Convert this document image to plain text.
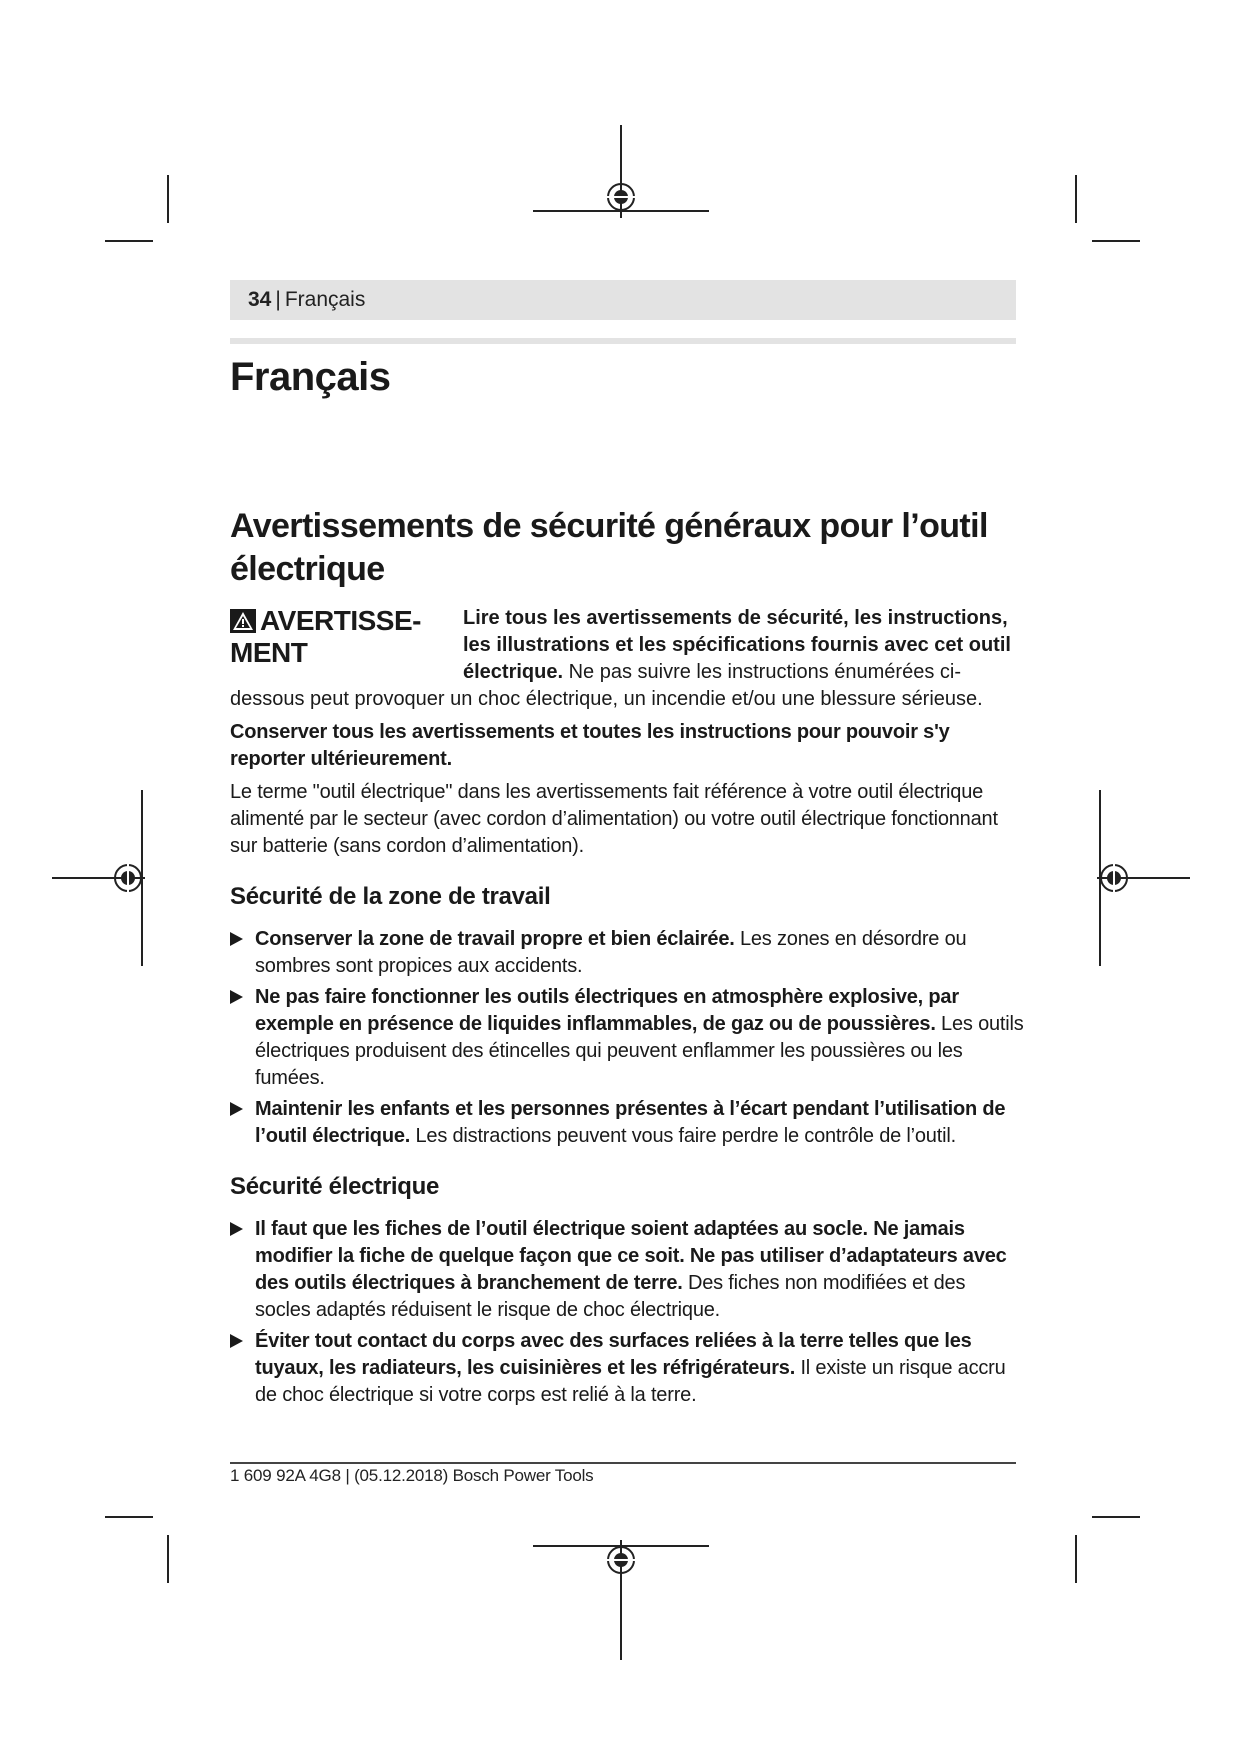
34 | Français
Français
Avertissements de sécurité généraux pour l’outil électrique
AVERTISSE-MENT

Lire tous les avertissements de sécurité, les instructions, les illustrations et les spécifications fournis avec cet outil électrique. Ne pas suivre les instructions énumérées ci-dessous peut provoquer un choc électrique, un incendie et/ou une blessure sérieuse.

Conserver tous les avertissements et toutes les instructions pour pouvoir s'y reporter ultérieurement.

Le terme "outil électrique" dans les avertissements fait référence à votre outil électrique alimenté par le secteur (avec cordon d’alimentation) ou votre outil électrique fonctionnant sur batterie (sans cordon d’alimentation).

Sécurité de la zone de travail
Conserver la zone de travail propre et bien éclairée. Les zones en désordre ou sombres sont propices aux accidents.
Ne pas faire fonctionner les outils électriques en atmosphère explosive, par exemple en présence de liquides inflammables, de gaz ou de poussières. Les outils électriques produisent des étincelles qui peuvent enflammer les poussières ou les fumées.
Maintenir les enfants et les personnes présentes à l’écart pendant l’utilisation de l’outil électrique. Les distractions peuvent vous faire perdre le contrôle de l’outil.
Sécurité électrique
Il faut que les fiches de l’outil électrique soient adaptées au socle. Ne jamais modifier la fiche de quelque façon que ce soit. Ne pas utiliser d’adaptateurs avec des outils électriques à branchement de terre. Des fiches non modifiées et des socles adaptés réduisent le risque de choc électrique.
Éviter tout contact du corps avec des surfaces reliées à la terre telles que les tuyaux, les radiateurs, les cuisinières et les réfrigérateurs. Il existe un risque accru de choc électrique si votre corps est relié à la terre.
1 609 92A 4G8 | (05.12.2018) Bosch Power Tools
